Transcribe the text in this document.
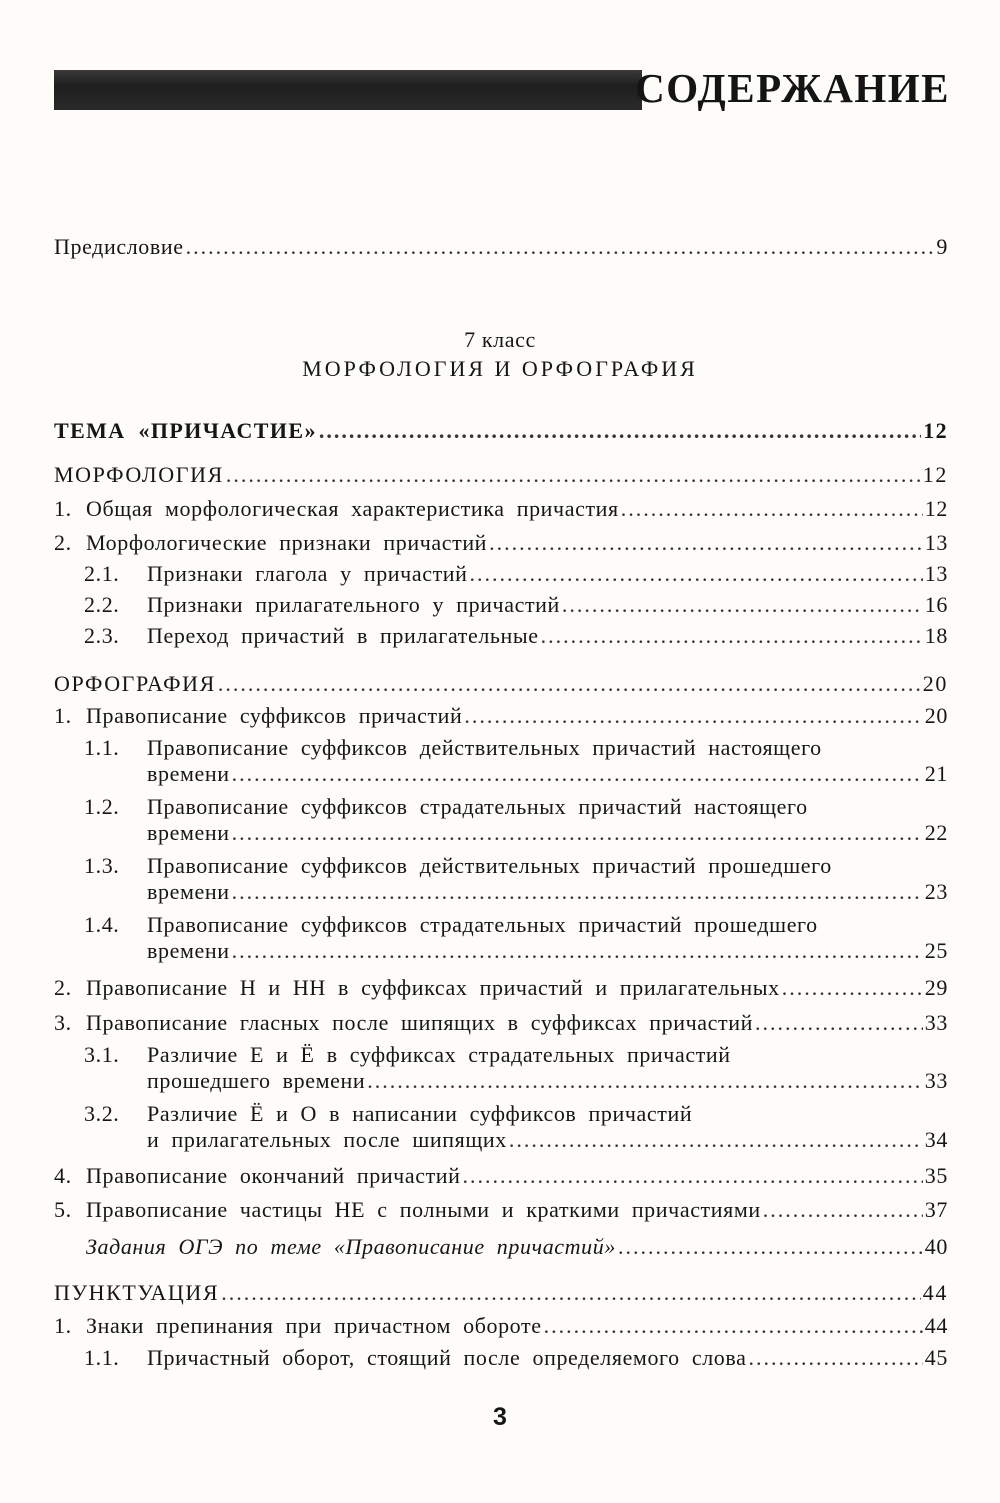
СОДЕРЖАНИЕ
Предисловие .....	9
7 класс
МОРФОЛОГИЯ И ОРФОГРАФИЯ
ТЕМА «ПРИЧАСТИЕ» .....	12
МОРФОЛОГИЯ .....	12
1. Общая морфологическая характеристика причастия .....	12
2. Морфологические признаки причастий .....	13
2.1. Признаки глагола у причастий .....	13
2.2. Признаки прилагательного у причастий .....	16
2.3. Переход причастий в прилагательные .....	18
ОРФОГРАФИЯ .....	20
1. Правописание суффиксов причастий .....	20
1.1. Правописание суффиксов действительных причастий настоящего
времени .....	21
1.2. Правописание суффиксов страдательных причастий настоящего
времени .....	22
1.3. Правописание суффиксов действительных причастий прошедшего
времени .....	23
1.4. Правописание суффиксов страдательных причастий прошедшего
времени .....	25
2. Правописание Н и НН в суффиксах причастий и прилагательных .....	29
3. Правописание гласных после шипящих в суффиксах причастий .....	33
3.1. Различие Е и Ё в суффиксах страдательных причастий
прошедшего времени .....	33
3.2. Различие Ё и О в написании суффиксов причастий
и прилагательных после шипящих .....	34
4. Правописание окончаний причастий .....	35
5. Правописание частицы НЕ с полными и краткими причастиями .....	37
Задания ОГЭ по теме «Правописание причастий» .....	40
ПУНКТУАЦИЯ .....	44
1. Знаки препинания при причастном обороте .....	44
1.1. Причастный оборот, стоящий после определяемого слова .....	45
3
